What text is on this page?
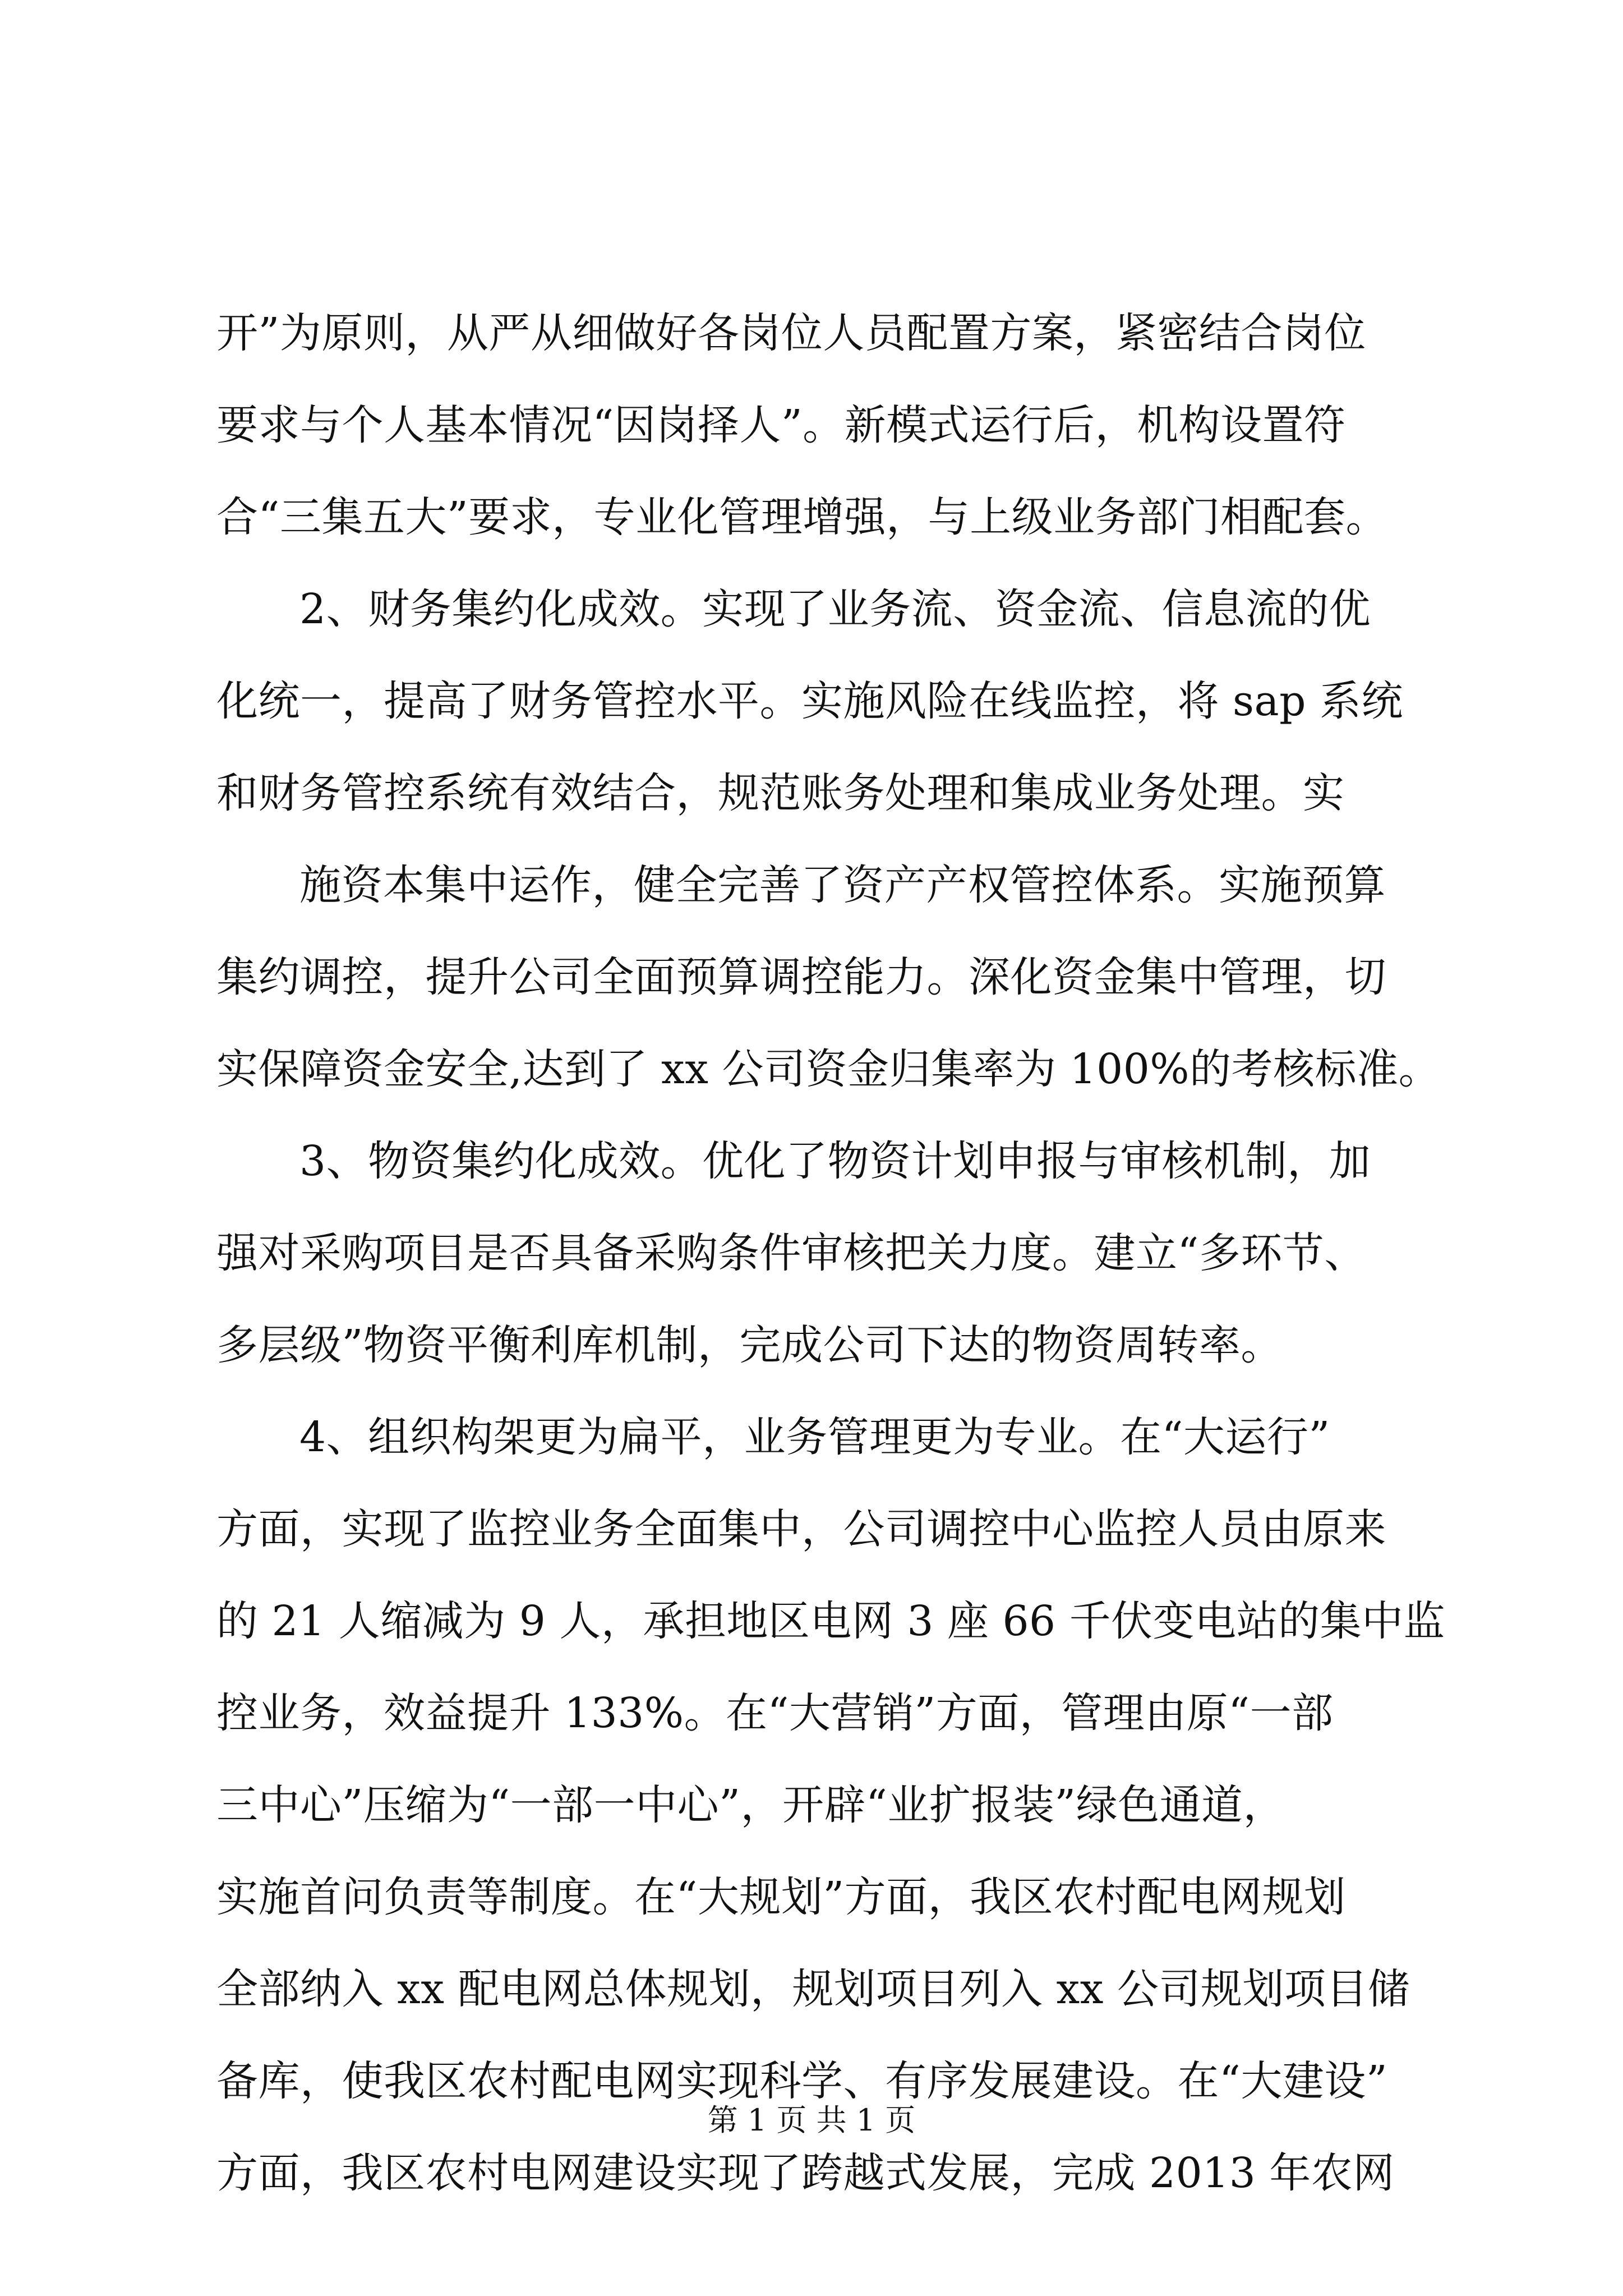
开”为原则，从严从细做好各岗位人员配置方案，紧密结合岗位
要求与个人基本情况“因岗择人”。新模式运行后，机构设置符
合“三集五大”要求，专业化管理增强，与上级业务部门相配套。
2、财务集约化成效。实现了业务流、资金流、信息流的优
化统一，提高了财务管控水平。实施风险在线监控，将 sap 系统
和财务管控系统有效结合，规范账务处理和集成业务处理。实
施资本集中运作，健全完善了资产产权管控体系。实施预算
集约调控，提升公司全面预算调控能力。深化资金集中管理，切
实保障资金安全,达到了 xx 公司资金归集率为 100%的考核标准。
3、物资集约化成效。优化了物资计划申报与审核机制，加
强对采购项目是否具备采购条件审核把关力度。建立“多环节、
多层级”物资平衡利库机制，完成公司下达的物资周转率。
4、组织构架更为扁平，业务管理更为专业。在“大运行”
方面，实现了监控业务全面集中，公司调控中心监控人员由原来
的 21 人缩减为 9 人，承担地区电网 3 座 66 千伏变电站的集中监
控业务，效益提升 133%。在“大营销”方面，管理由原“一部
三中心”压缩为“一部一中心”，开辟“业扩报装”绿色通道，
实施首问负责等制度。在“大规划”方面，我区农村配电网规划
全部纳入 xx 配电网总体规划，规划项目列入 xx 公司规划项目储
备库，使我区农村配电网实现科学、有序发展建设。在“大建设”
方面，我区农村电网建设实现了跨越式发展，完成 2013 年农网
第 1 页 共 1 页
